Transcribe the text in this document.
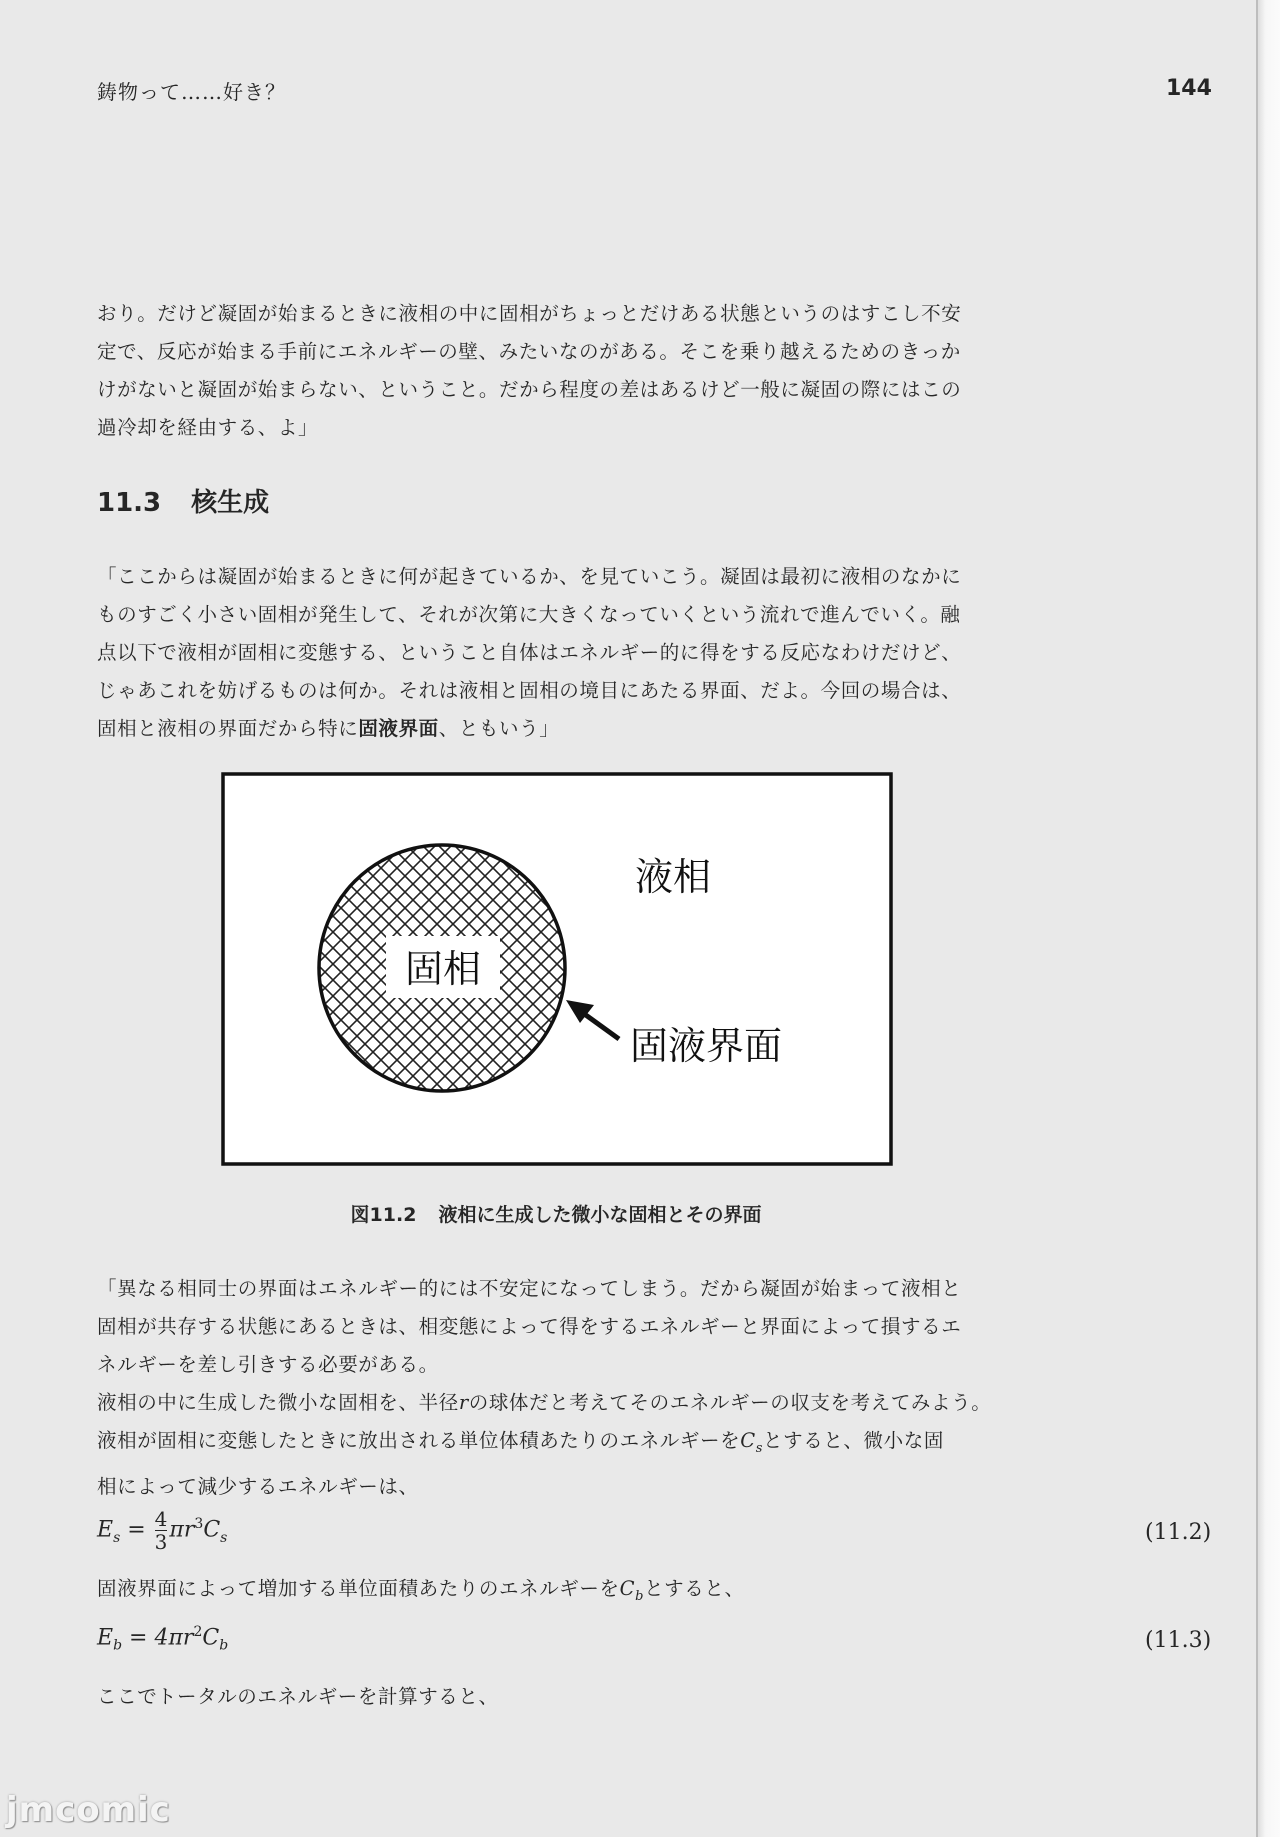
鋳物って……好き？	144

おり。だけど凝固が始まるときに液相の中に固相がちょっとだけある状態というのはすこし不安

定で、反応が始まる手前にエネルギーの壁、みたいなのがある。そこを乗り越えるためのきっか

けがないと凝固が始まらない、ということ。だから程度の差はあるけど一般に凝固の際にはこの

過冷却を経由する、よ」

11.3 核生成

「ここからは凝固が始まるときに何が起きているか、を見ていこう。凝固は最初に液相のなかに

ものすごく小さい固相が発生して、それが次第に大きくなっていくという流れで進んでいく。融

点以下で液相が固相に変態する、ということ自体はエネルギー的に得をする反応なわけだけど、

じゃあこれを妨げるものは何か。それは液相と固相の境目にあたる界面、だよ。今回の場合は、

固相と液相の界面だから特に固液界面、ともいう」

固相
液相
固液界面
図11.2 液相に生成した微小な固相とその界面

「異なる相同士の界面はエネルギー的には不安定になってしまう。だから凝固が始まって液相と

固相が共存する状態にあるときは、相変態によって得をするエネルギーと界面によって損するエ

ネルギーを差し引きする必要がある。

液相の中に生成した微小な固相を、半径rの球体だと考えてそのエネルギーの収支を考えてみよう。

液相が固相に変態したときに放出される単位体積あたりのエネルギーを$C_s$とすると、微小な固

相によって減少するエネルギーは、

$E_s = \frac{4}{3} \pi r^3C_s$	(11.2)

固液界面によって増加する単位面積あたりのエネルギーを$C_b$とすると、

$E_b = 4\pi r^2C_b$	(11.3)

ここでトータルのエネルギーを計算すると、

jmcomic
